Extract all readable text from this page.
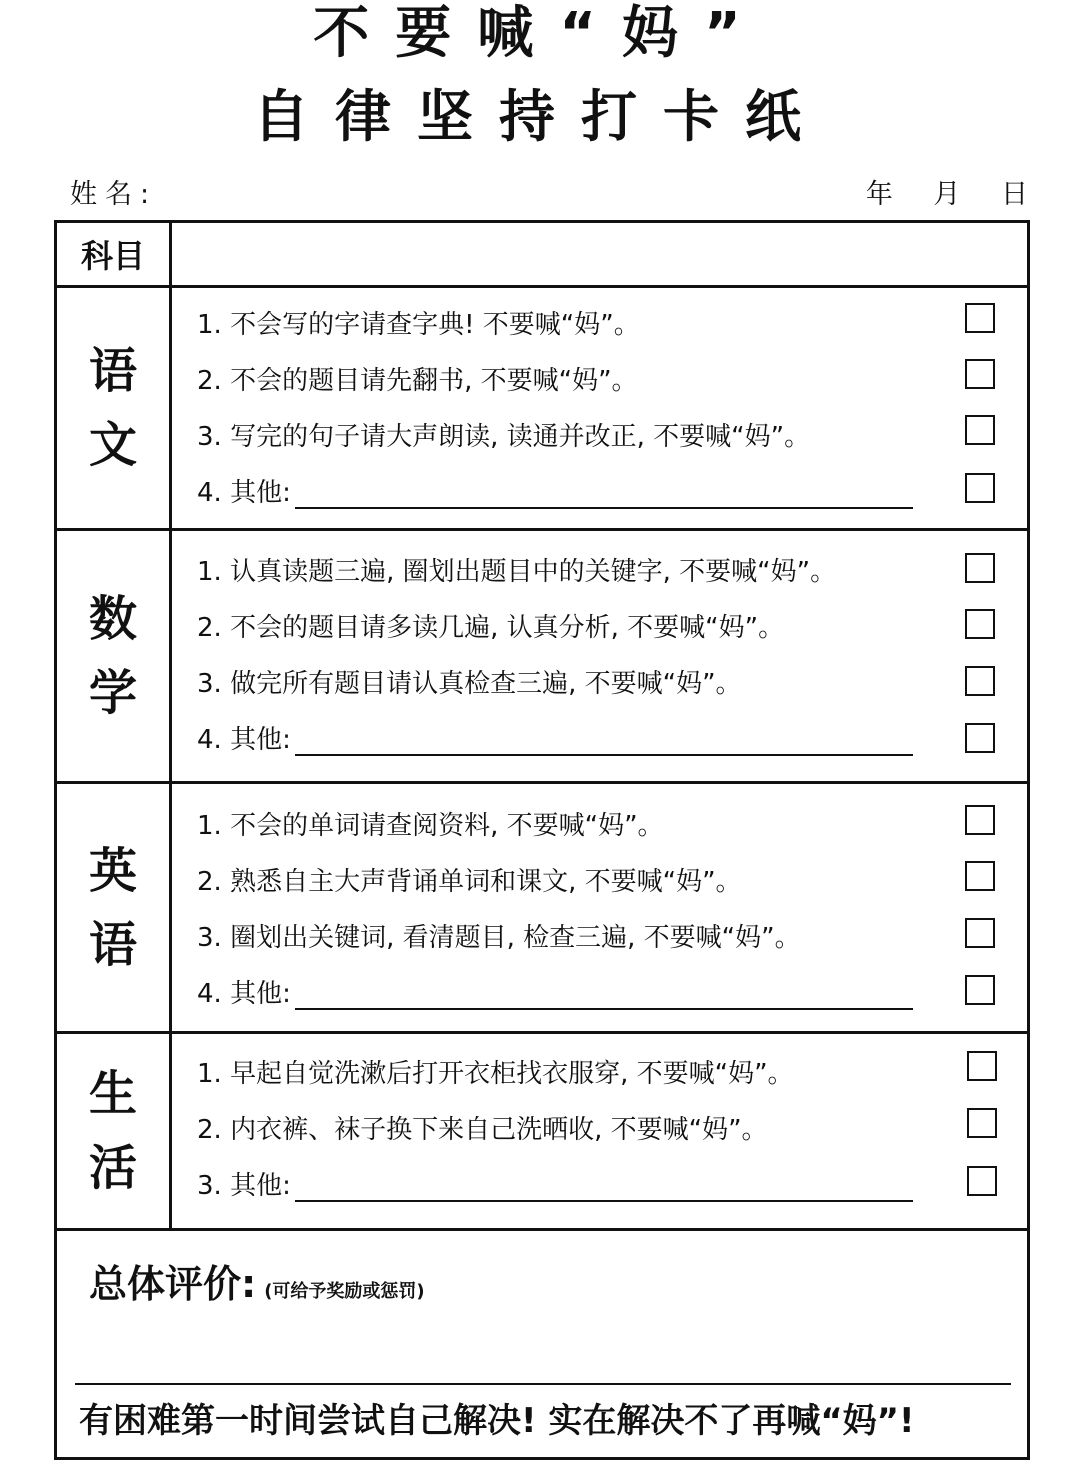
不要喊“妈”
自律坚持打卡纸
姓名:	年 月 日
科目
语
文
1. 不会写的字请查字典! 不要喊“妈”。
2. 不会的题目请先翻书, 不要喊“妈”。
3. 写完的句子请大声朗读, 读通并改正, 不要喊“妈”。
4. 其他:
数
学
1. 认真读题三遍, 圈划出题目中的关键字, 不要喊“妈”。
2. 不会的题目请多读几遍, 认真分析, 不要喊“妈”。
3. 做完所有题目请认真检查三遍, 不要喊“妈”。
4. 其他:
英
语
1. 不会的单词请查阅资料, 不要喊“妈”。
2. 熟悉自主大声背诵单词和课文, 不要喊“妈”。
3. 圈划出关键词, 看清题目, 检查三遍, 不要喊“妈”。
4. 其他:
生
活
1. 早起自觉洗漱后打开衣柜找衣服穿, 不要喊“妈”。
2. 内衣裤、袜子换下来自己洗晒收, 不要喊“妈”。
3. 其他:
总体评价: (可给予奖励或惩罚)
有困难第一时间尝试自己解决! 实在解决不了再喊“妈”!
